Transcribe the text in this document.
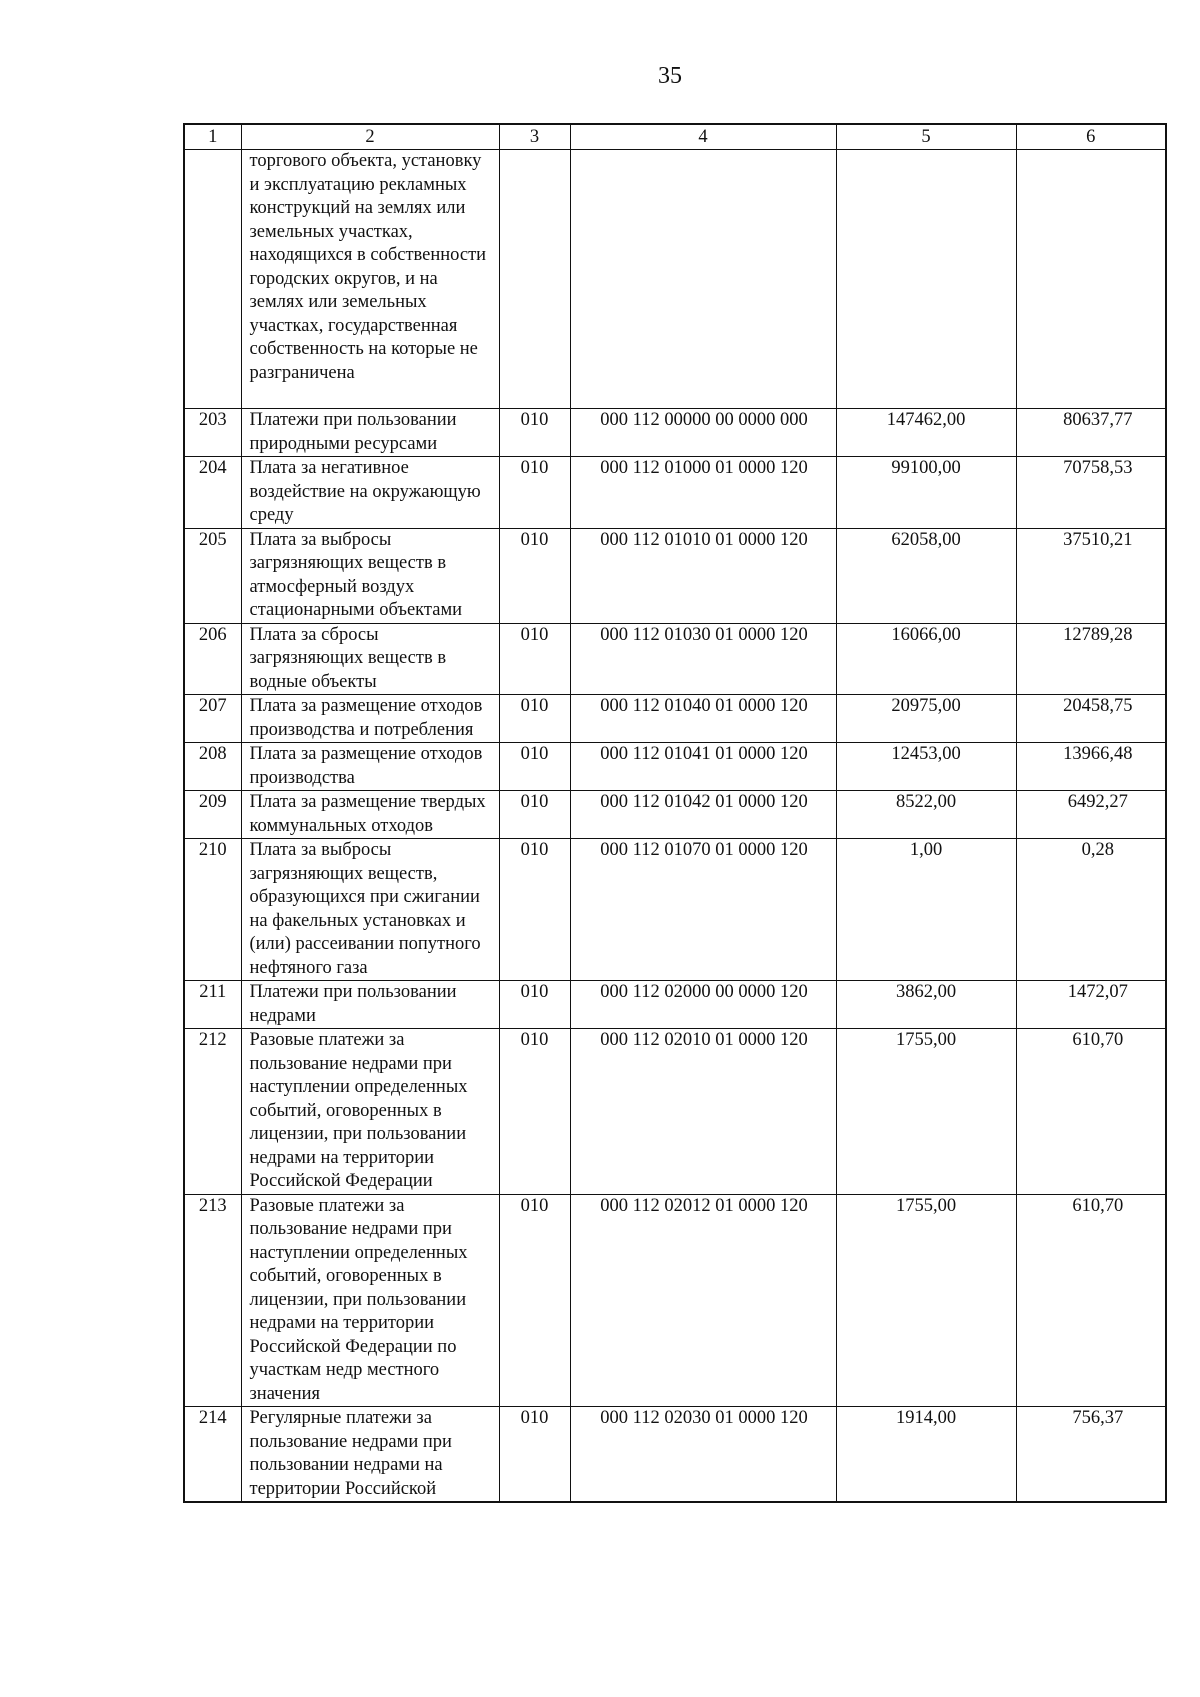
35
1	2	3	4	5	6
	торгового объекта, установку и эксплуатацию рекламных конструкций на землях или земельных участках, находящихся в собственности городских округов, и на землях или земельных участках, государственная собственность на которые не разграничена				
203	Платежи при пользовании природными ресурсами	010	000 112 00000 00 0000 000	147462,00	80637,77
204	Плата за негативное воздействие на окружающую среду	010	000 112 01000 01 0000 120	99100,00	70758,53
205	Плата за выбросы загрязняющих веществ в атмосферный воздух стационарными объектами	010	000 112 01010 01 0000 120	62058,00	37510,21
206	Плата за сбросы загрязняющих веществ в водные объекты	010	000 112 01030 01 0000 120	16066,00	12789,28
207	Плата за размещение отходов производства и потребления	010	000 112 01040 01 0000 120	20975,00	20458,75
208	Плата за размещение отходов производства	010	000 112 01041 01 0000 120	12453,00	13966,48
209	Плата за размещение твердых коммунальных отходов	010	000 112 01042 01 0000 120	8522,00	6492,27
210	Плата за выбросы загрязняющих веществ, образующихся при сжигании на факельных установках и (или) рассеивании попутного нефтяного газа	010	000 112 01070 01 0000 120	1,00	0,28
211	Платежи при пользовании недрами	010	000 112 02000 00 0000 120	3862,00	1472,07
212	Разовые платежи за пользование недрами при наступлении определенных событий, оговоренных в лицензии, при пользовании недрами на территории Российской Федерации	010	000 112 02010 01 0000 120	1755,00	610,70
213	Разовые платежи за пользование недрами при наступлении определенных событий, оговоренных в лицензии, при пользовании недрами на территории Российской Федерации по участкам недр местного значения	010	000 112 02012 01 0000 120	1755,00	610,70
214	Регулярные платежи за пользование недрами при пользовании недрами на территории Российской	010	000 112 02030 01 0000 120	1914,00	756,37
